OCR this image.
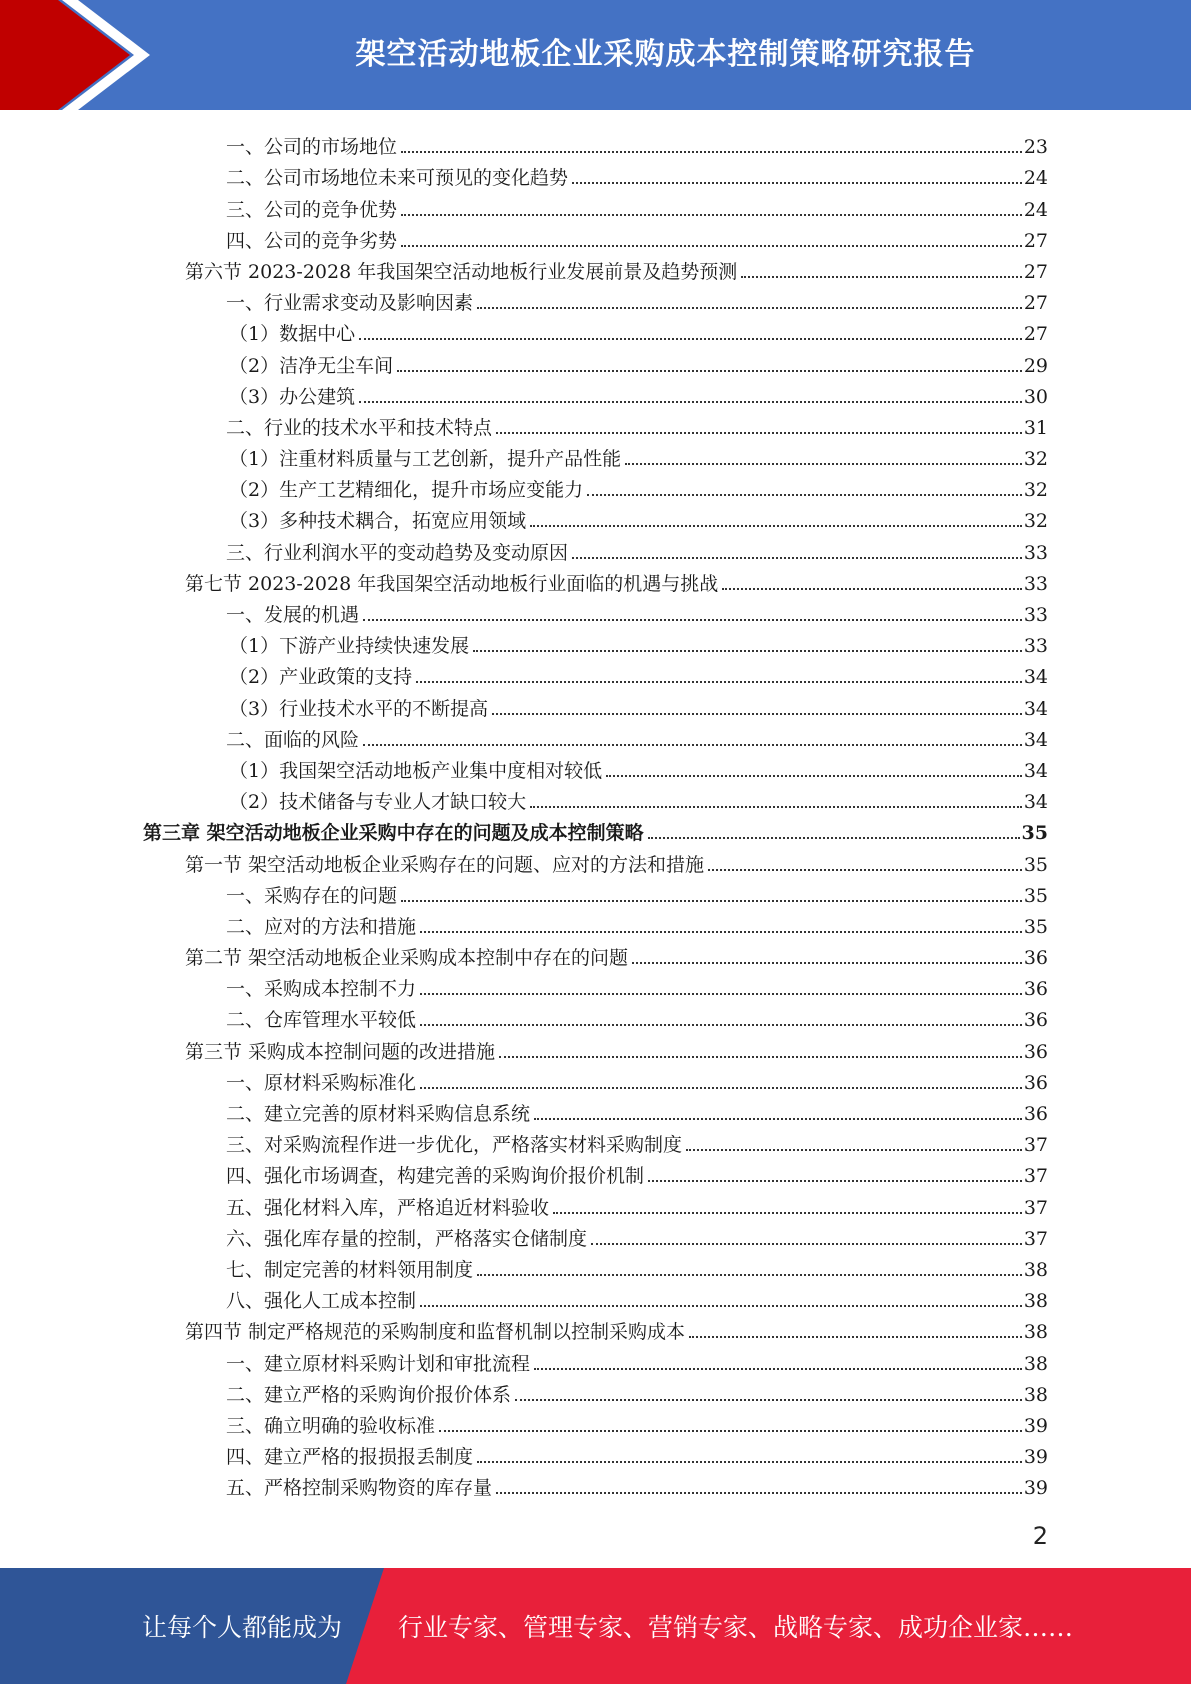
架空活动地板企业采购成本控制策略研究报告
一、公司的市场地位	23
二、公司市场地位未来可预见的变化趋势	24
三、公司的竞争优势	24
四、公司的竞争劣势	27
第六节 2023-2028 年我国架空活动地板行业发展前景及趋势预测	27
一、行业需求变动及影响因素	27
（1）数据中心	27
（2）洁净无尘车间	29
（3）办公建筑	30
二、行业的技术水平和技术特点	31
（1）注重材料质量与工艺创新，提升产品性能	32
（2）生产工艺精细化，提升市场应变能力	32
（3）多种技术耦合，拓宽应用领域	32
三、行业利润水平的变动趋势及变动原因	33
第七节 2023-2028 年我国架空活动地板行业面临的机遇与挑战	33
一、发展的机遇	33
（1）下游产业持续快速发展	33
（2）产业政策的支持	34
（3）行业技术水平的不断提高	34
二、面临的风险	34
（1）我国架空活动地板产业集中度相对较低	34
（2）技术储备与专业人才缺口较大	34
第三章 架空活动地板企业采购中存在的问题及成本控制策略	35
第一节 架空活动地板企业采购存在的问题、应对的方法和措施	35
一、采购存在的问题	35
二、应对的方法和措施	35
第二节 架空活动地板企业采购成本控制中存在的问题	36
一、采购成本控制不力	36
二、仓库管理水平较低	36
第三节 采购成本控制问题的改进措施	36
一、原材料采购标准化	36
二、建立完善的原材料采购信息系统	36
三、对采购流程作进一步优化，严格落实材料采购制度	37
四、强化市场调查，构建完善的采购询价报价机制	37
五、强化材料入库，严格追近材料验收	37
六、强化库存量的控制，严格落实仓储制度	37
七、制定完善的材料领用制度	38
八、强化人工成本控制	38
第四节 制定严格规范的采购制度和监督机制以控制采购成本	38
一、建立原材料采购计划和审批流程	38
二、建立严格的采购询价报价体系	38
三、确立明确的验收标准	39
四、建立严格的报损报丢制度	39
五、严格控制采购物资的库存量	39
2
让每个人都能成为 行业专家、管理专家、营销专家、战略专家、成功企业家……
